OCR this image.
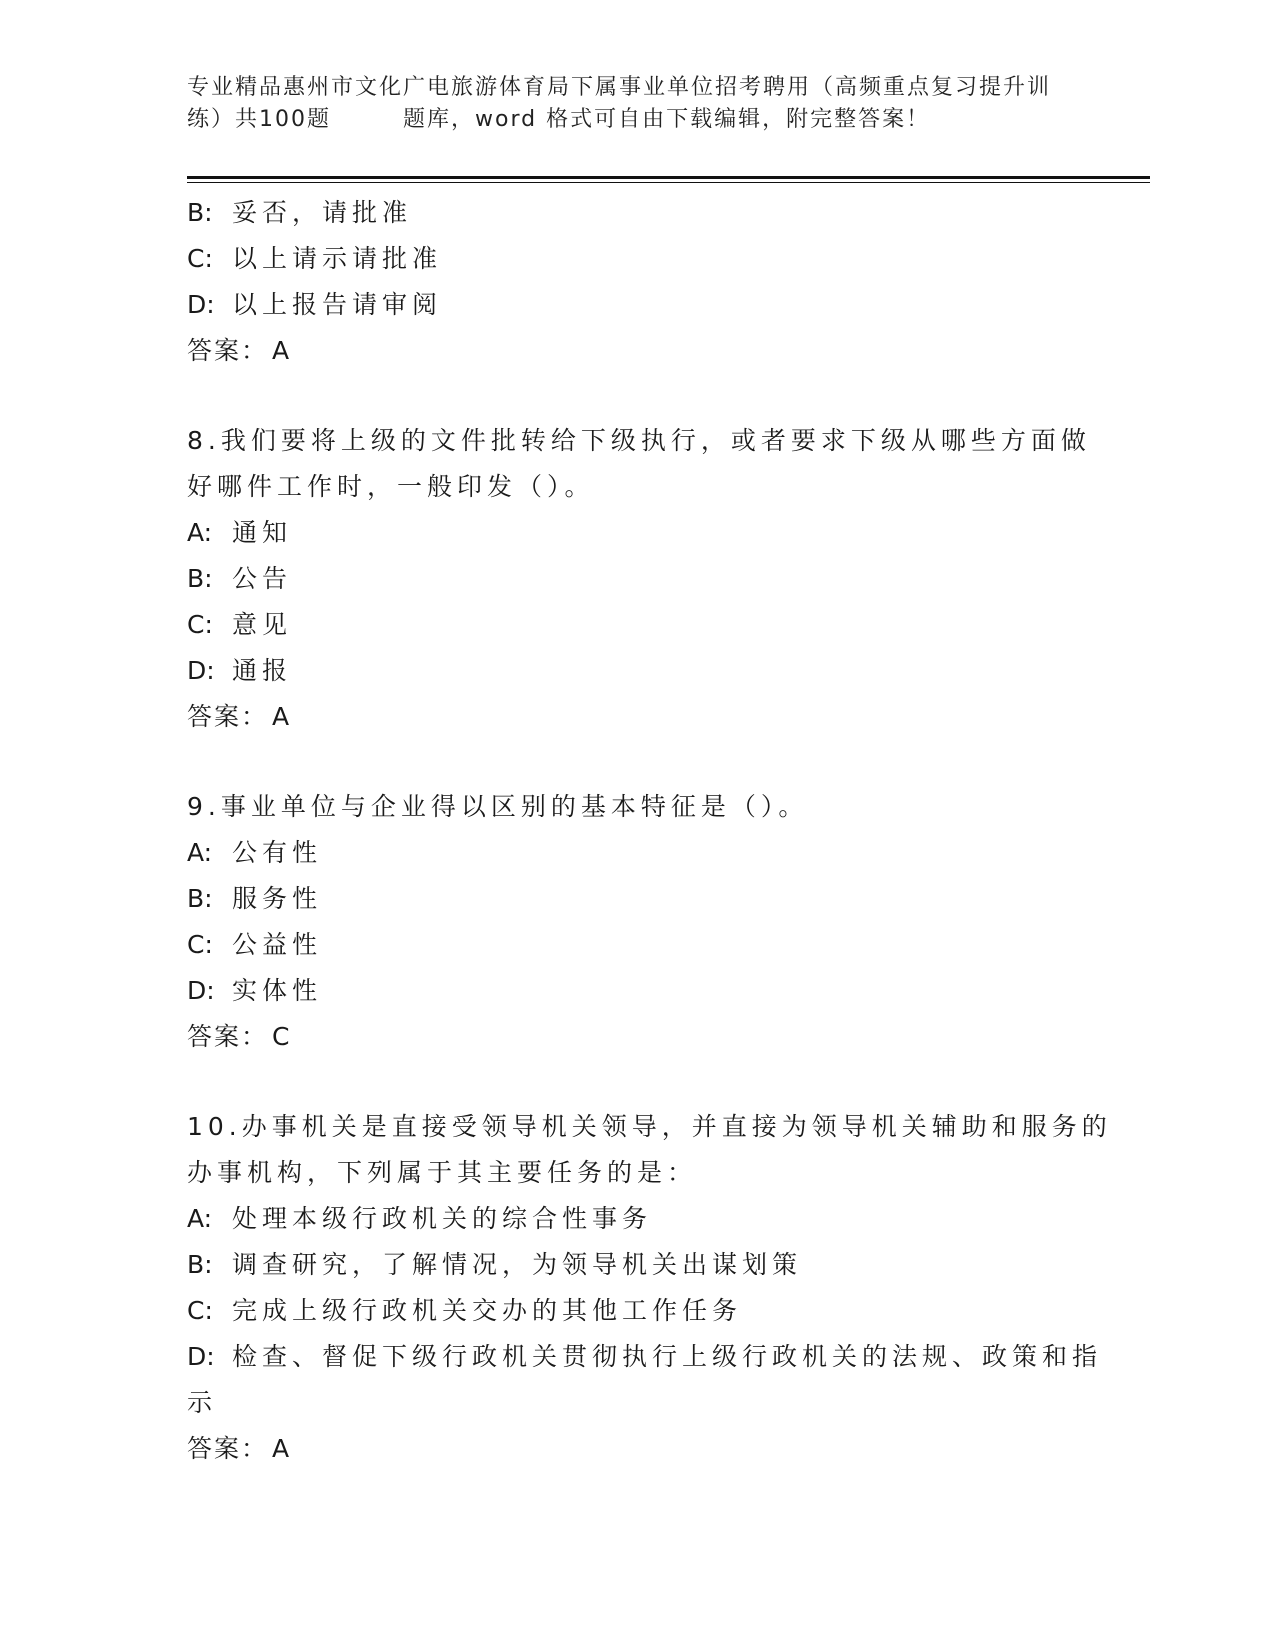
专业精品惠州市文化广电旅游体育局下属事业单位招考聘用（高频重点复习提升训
练）共100题	题库，word 格式可自由下载编辑，附完整答案！
B: 妥否，请批准
C: 以上请示请批准
D: 以上报告请审阅
答案： A
8.我们要将上级的文件批转给下级执行，或者要求下级从哪些方面做
好哪件工作时，一般印发（）。
A: 通知
B: 公告
C: 意见
D: 通报
答案： A
9.事业单位与企业得以区别的基本特征是（）。
A: 公有性
B: 服务性
C: 公益性
D: 实体性
答案： C
10.办事机关是直接受领导机关领导，并直接为领导机关辅助和服务的
办事机构，下列属于其主要任务的是：
A: 处理本级行政机关的综合性事务
B: 调查研究，了解情况，为领导机关出谋划策
C: 完成上级行政机关交办的其他工作任务
D: 检查、督促下级行政机关贯彻执行上级行政机关的法规、政策和指
示
答案： A
